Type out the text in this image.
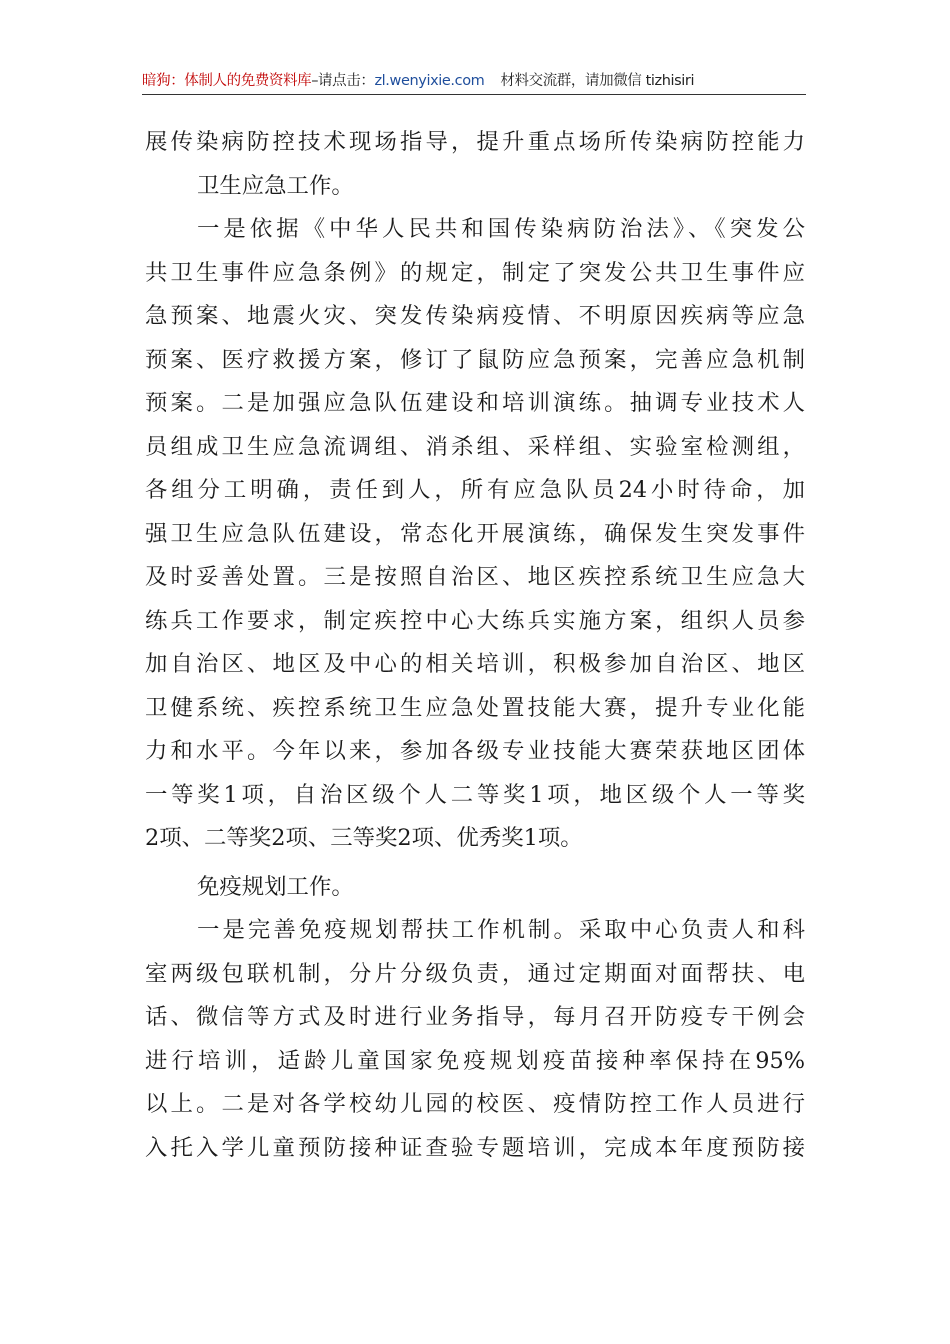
暗狗：体制人的免费资料库–请点击：zl.wenyixie.com 材料交流群，请加微信 tizhisiri
展传染病防控技术现场指导，提升重点场所传染病防控能力
卫生应急工作。
一是依据《中华人民共和国传染病防治法》、《突发公
共卫生事件应急条例》的规定，制定了突发公共卫生事件应
急预案、地震火灾、突发传染病疫情、不明原因疾病等应急
预案、医疗救援方案，修订了鼠防应急预案，完善应急机制
预案。二是加强应急队伍建设和培训演练。抽调专业技术人
员组成卫生应急流调组、消杀组、采样组、实验室检测组，
各组分工明确，责任到人，所有应急队员24小时待命，加
强卫生应急队伍建设，常态化开展演练，确保发生突发事件
及时妥善处置。三是按照自治区、地区疾控系统卫生应急大
练兵工作要求，制定疾控中心大练兵实施方案，组织人员参
加自治区、地区及中心的相关培训，积极参加自治区、地区
卫健系统、疾控系统卫生应急处置技能大赛，提升专业化能
力和水平。今年以来，参加各级专业技能大赛荣获地区团体
一等奖1项，自治区级个人二等奖1项，地区级个人一等奖
2项、二等奖2项、三等奖2项、优秀奖1项。
免疫规划工作。
一是完善免疫规划帮扶工作机制。采取中心负责人和科
室两级包联机制，分片分级负责，通过定期面对面帮扶、电
话、微信等方式及时进行业务指导，每月召开防疫专干例会
进行培训，适龄儿童国家免疫规划疫苗接种率保持在95%
以上。二是对各学校幼儿园的校医、疫情防控工作人员进行
入托入学儿童预防接种证查验专题培训，完成本年度预防接
